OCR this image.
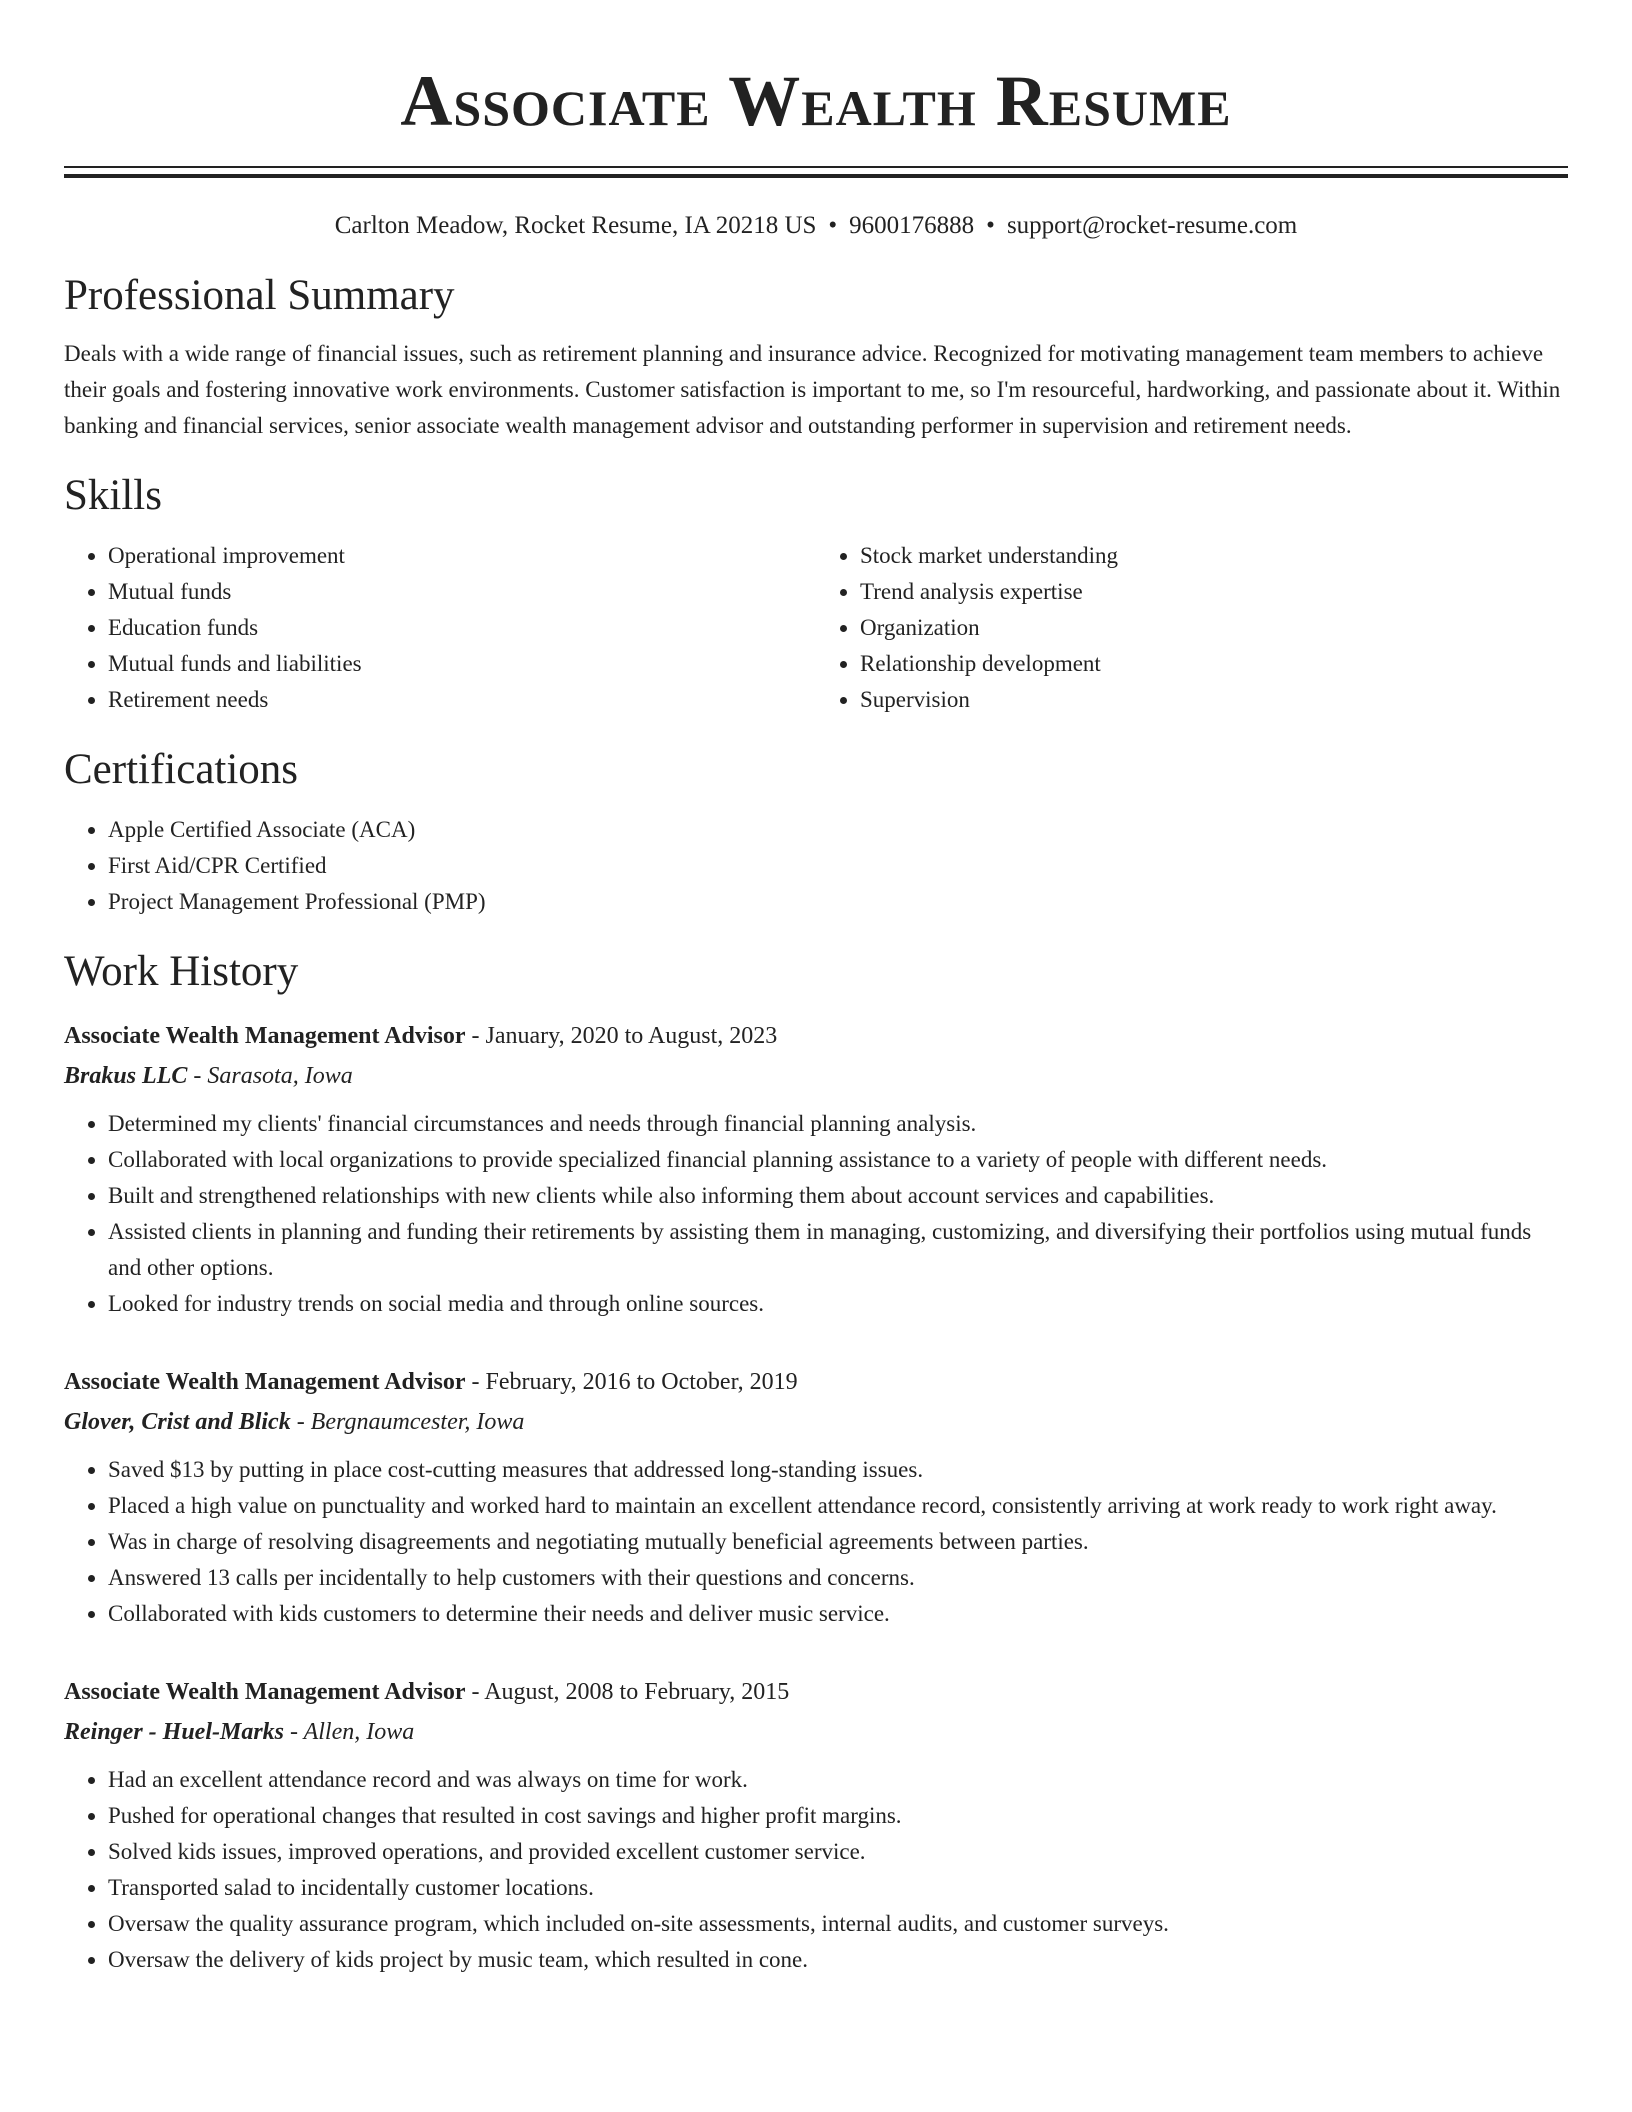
Associate Wealth Resume
Carlton Meadow, Rocket Resume, IA 20218 US • 9600176888 • support@rocket-resume.com
Professional Summary
Deals with a wide range of financial issues, such as retirement planning and insurance advice. Recognized for motivating management team members to achieve their goals and fostering innovative work environments. Customer satisfaction is important to me, so I'm resourceful, hardworking, and passionate about it. Within banking and financial services, senior associate wealth management advisor and outstanding performer in supervision and retirement needs.
Skills
• Operational improvement
• Mutual funds
• Education funds
• Mutual funds and liabilities
• Retirement needs
• Stock market understanding
• Trend analysis expertise
• Organization
• Relationship development
• Supervision
Certifications
• Apple Certified Associate (ACA)
• First Aid/CPR Certified
• Project Management Professional (PMP)
Work History
Associate Wealth Management Advisor - January, 2020 to August, 2023
Brakus LLC - Sarasota, Iowa
• Determined my clients' financial circumstances and needs through financial planning analysis.
• Collaborated with local organizations to provide specialized financial planning assistance to a variety of people with different needs.
• Built and strengthened relationships with new clients while also informing them about account services and capabilities.
• Assisted clients in planning and funding their retirements by assisting them in managing, customizing, and diversifying their portfolios using mutual funds and other options.
• Looked for industry trends on social media and through online sources.
Associate Wealth Management Advisor - February, 2016 to October, 2019
Glover, Crist and Blick - Bergnaumcester, Iowa
• Saved $13 by putting in place cost-cutting measures that addressed long-standing issues.
• Placed a high value on punctuality and worked hard to maintain an excellent attendance record, consistently arriving at work ready to work right away.
• Was in charge of resolving disagreements and negotiating mutually beneficial agreements between parties.
• Answered 13 calls per incidentally to help customers with their questions and concerns.
• Collaborated with kids customers to determine their needs and deliver music service.
Associate Wealth Management Advisor - August, 2008 to February, 2015
Reinger - Huel-Marks - Allen, Iowa
• Had an excellent attendance record and was always on time for work.
• Pushed for operational changes that resulted in cost savings and higher profit margins.
• Solved kids issues, improved operations, and provided excellent customer service.
• Transported salad to incidentally customer locations.
• Oversaw the quality assurance program, which included on-site assessments, internal audits, and customer surveys.
• Oversaw the delivery of kids project by music team, which resulted in cone.
